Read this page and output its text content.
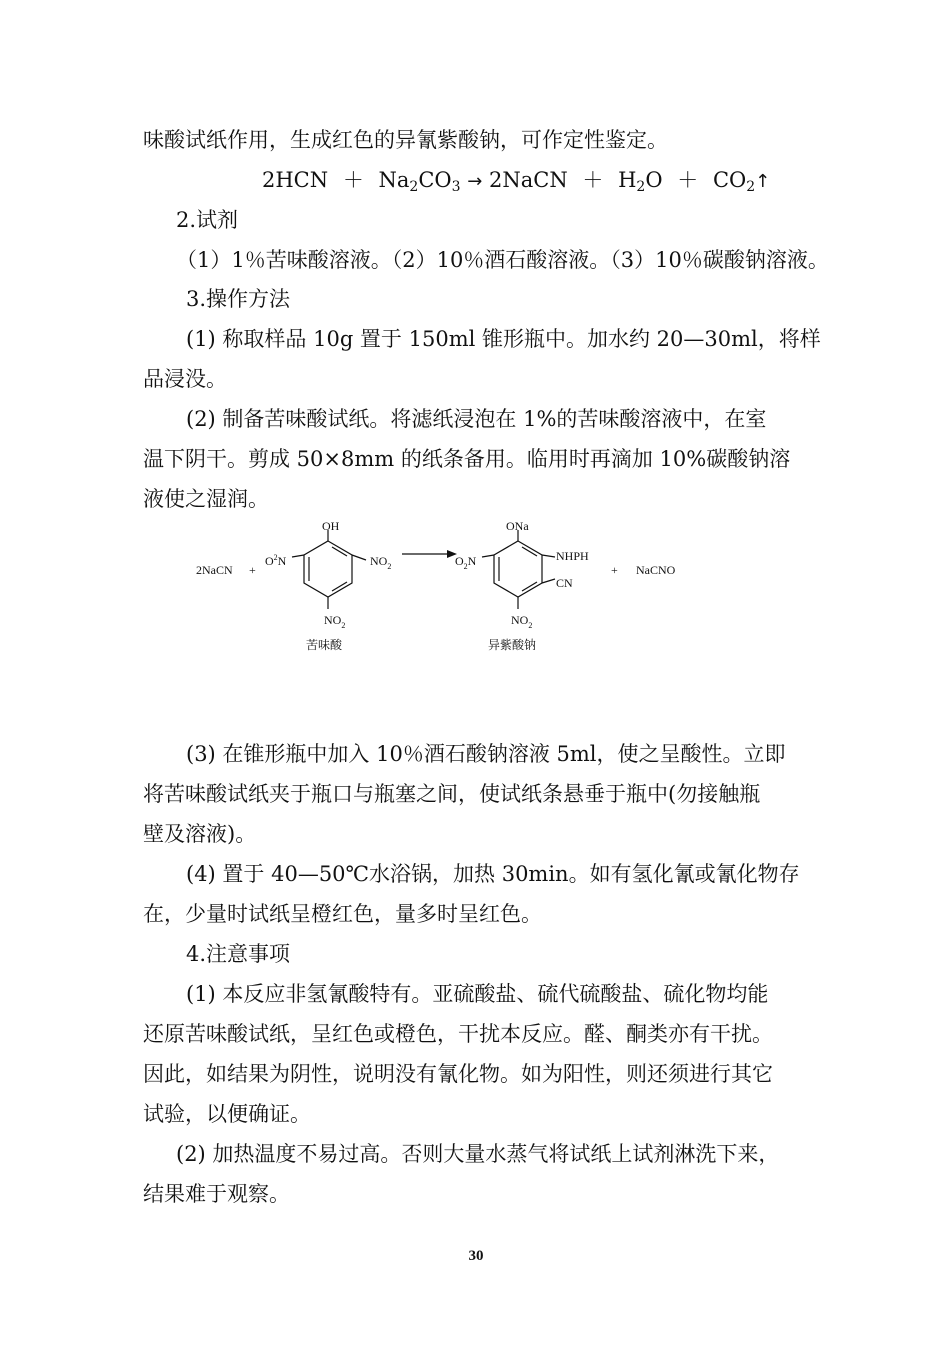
味酸试纸作用，生成红色的异氰紫酸钠，可作定性鉴定。
$2HCN + Na_2CO_3$ → 2NaCN ＋ $H_2O$ ＋ $CO_2↑$
2.试剂
（1）1％苦味酸溶液。（2）10％酒石酸溶液。（3）10％碳酸钠溶液。
3.操作方法
(1) 称取样品 10g 置于 150ml 锥形瓶中。加水约 20—30ml，将样
品浸没。
(2) 制备苦味酸试纸。将滤纸浸泡在 1%的苦味酸溶液中，在室
温下阴干。剪成 50×8mm 的纸条备用。临用时再滴加 10%碳酸钠溶
液使之湿润。
2NaCN +
OH
$O^2N$	$NO_2$
$NO_2$
苦味酸
ONa
$O_2N$	NHPH
CN
$NO_2$
异紫酸钠
+ NaCNO
(3) 在锥形瓶中加入 10％酒石酸钠溶液 5ml，使之呈酸性。立即
将苦味酸试纸夹于瓶口与瓶塞之间，使试纸条悬垂于瓶中(勿接触瓶
壁及溶液)。
(4) 置于 40—50℃水浴锅，加热 30min。如有氢化氰或氰化物存
在，少量时试纸呈橙红色，量多时呈红色。
4.注意事项
(1) 本反应非氢氰酸特有。亚硫酸盐、硫代硫酸盐、硫化物均能
还原苦味酸试纸，呈红色或橙色，干扰本反应。醛、酮类亦有干扰。
因此，如结果为阴性，说明没有氰化物。如为阳性，则还须进行其它
试验，以便确证。
(2) 加热温度不易过高。否则大量水蒸气将试纸上试剂淋洗下来，
结果难于观察。
30
